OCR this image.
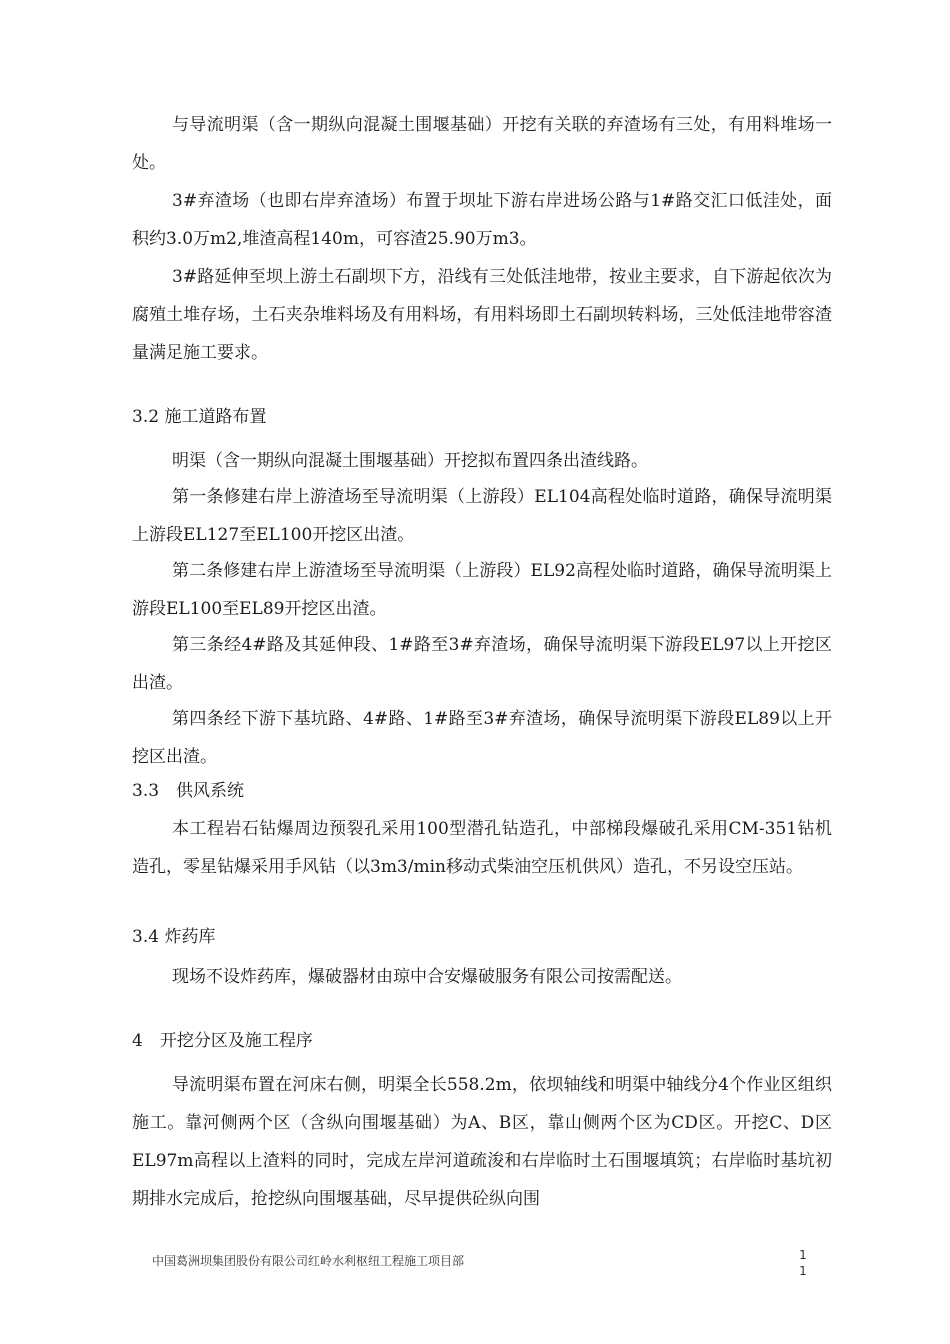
与导流明渠（含一期纵向混凝土围堰基础）开挖有关联的弃渣场有三处，有用料堆场一处。

3#弃渣场（也即右岸弃渣场）布置于坝址下游右岸进场公路与1#路交汇口低洼处，面积约3.0万m2,堆渣高程140m，可容渣25.90万m3。

3#路延伸至坝上游土石副坝下方，沿线有三处低洼地带，按业主要求，自下游起依次为腐殖土堆存场，土石夹杂堆料场及有用料场，有用料场即土石副坝转料场，三处低洼地带容渣量满足施工要求。

3.2 施工道路布置

明渠（含一期纵向混凝土围堰基础）开挖拟布置四条出渣线路。

第一条修建右岸上游渣场至导流明渠（上游段）EL104高程处临时道路，确保导流明渠上游段EL127至EL100开挖区出渣。

第二条修建右岸上游渣场至导流明渠（上游段）EL92高程处临时道路，确保导流明渠上游段EL100至EL89开挖区出渣。

第三条经4#路及其延伸段、1#路至3#弃渣场，确保导流明渠下游段EL97以上开挖区出渣。

第四条经下游下基坑路、4#路、1#路至3#弃渣场，确保导流明渠下游段EL89以上开挖区出渣。

3.3　供风系统

本工程岩石钻爆周边预裂孔采用100型潜孔钻造孔，中部梯段爆破孔采用CM-351钻机造孔，零星钻爆采用手风钻（以3m3/min移动式柴油空压机供风）造孔，不另设空压站。

3.4 炸药库

现场不设炸药库，爆破器材由琼中合安爆破服务有限公司按需配送。

4　开挖分区及施工程序

导流明渠布置在河床右侧，明渠全长558.2m，依坝轴线和明渠中轴线分4个作业区组织施工。靠河侧两个区（含纵向围堰基础）为A、B区，靠山侧两个区为CD区。开挖C、D区EL97m高程以上渣料的同时，完成左岸河道疏浚和右岸临时土石围堰填筑；右岸临时基坑初期排水完成后，抢挖纵向围堰基础，尽早提供砼纵向围

中国葛洲坝集团股份有限公司红岭水利枢纽工程施工项目部	1
1
